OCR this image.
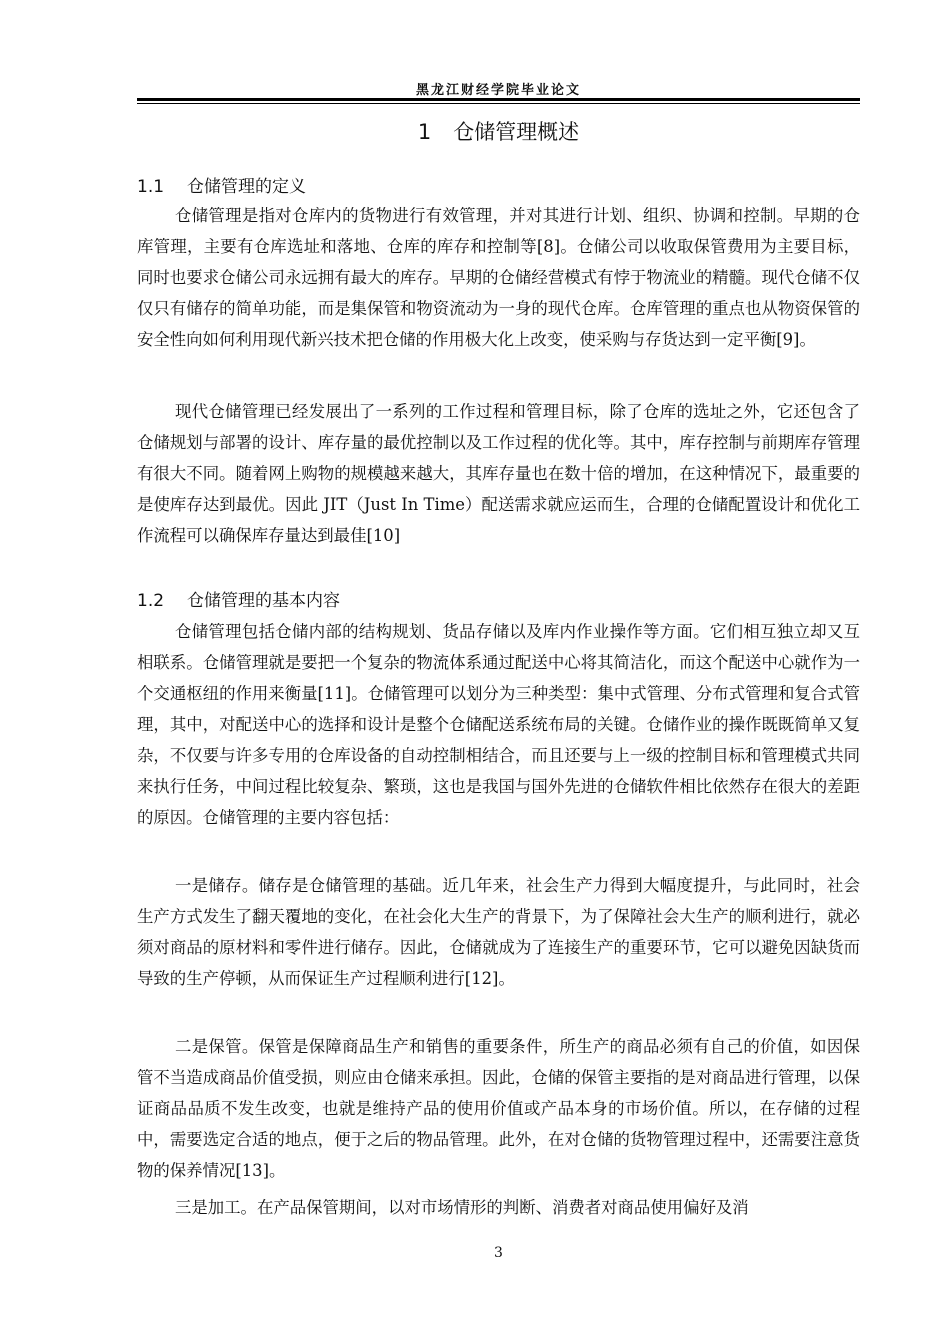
黑龙江财经学院毕业论文
1 仓储管理概述
1.1 仓储管理的定义

仓储管理是指对仓库内的货物进行有效管理，并对其进行计划、组织、协调和控制。早期的仓库管理，主要有仓库选址和落地、仓库的库存和控制等[8]。仓储公司以收取保管费用为主要目标，同时也要求仓储公司永远拥有最大的库存。早期的仓储经营模式有悖于物流业的精髓。现代仓储不仅仅只有储存的简单功能，而是集保管和物资流动为一身的现代仓库。仓库管理的重点也从物资保管的安全性向如何利用现代新兴技术把仓储的作用极大化上改变，使采购与存货达到一定平衡[9]。

现代仓储管理已经发展出了一系列的工作过程和管理目标，除了仓库的选址之外，它还包含了仓储规划与部署的设计、库存量的最优控制以及工作过程的优化等。其中，库存控制与前期库存管理有很大不同。随着网上购物的规模越来越大，其库存量也在数十倍的增加，在这种情况下，最重要的是使库存达到最优。因此 JIT（Just In Time）配送需求就应运而生，合理的仓储配置设计和优化工作流程可以确保库存量达到最佳[10]

1.2 仓储管理的基本内容

仓储管理包括仓储内部的结构规划、货品存储以及库内作业操作等方面。它们相互独立却又互相联系。仓储管理就是要把一个复杂的物流体系通过配送中心将其简洁化，而这个配送中心就作为一个交通枢纽的作用来衡量[11]。仓储管理可以划分为三种类型：集中式管理、分布式管理和复合式管理，其中，对配送中心的选择和设计是整个仓储配送系统布局的关键。仓储作业的操作既既简单又复杂，不仅要与许多专用的仓库设备的自动控制相结合，而且还要与上一级的控制目标和管理模式共同来执行任务，中间过程比较复杂、繁琐，这也是我国与国外先进的仓储软件相比依然存在很大的差距的原因。仓储管理的主要内容包括：

一是储存。储存是仓储管理的基础。近几年来，社会生产力得到大幅度提升，与此同时，社会生产方式发生了翻天覆地的变化，在社会化大生产的背景下，为了保障社会大生产的顺利进行，就必须对商品的原材料和零件进行储存。因此，仓储就成为了连接生产的重要环节，它可以避免因缺货而导致的生产停顿，从而保证生产过程顺利进行[12]。

二是保管。保管是保障商品生产和销售的重要条件，所生产的商品必须有自己的价值，如因保管不当造成商品价值受损，则应由仓储来承担。因此，仓储的保管主要指的是对商品进行管理，以保证商品品质不发生改变，也就是维持产品的使用价值或产品本身的市场价值。所以，在存储的过程中，需要选定合适的地点，便于之后的物品管理。此外，在对仓储的货物管理过程中，还需要注意货物的保养情况[13]。

三是加工。在产品保管期间，以对市场情形的判断、消费者对商品使用偏好及消

3
